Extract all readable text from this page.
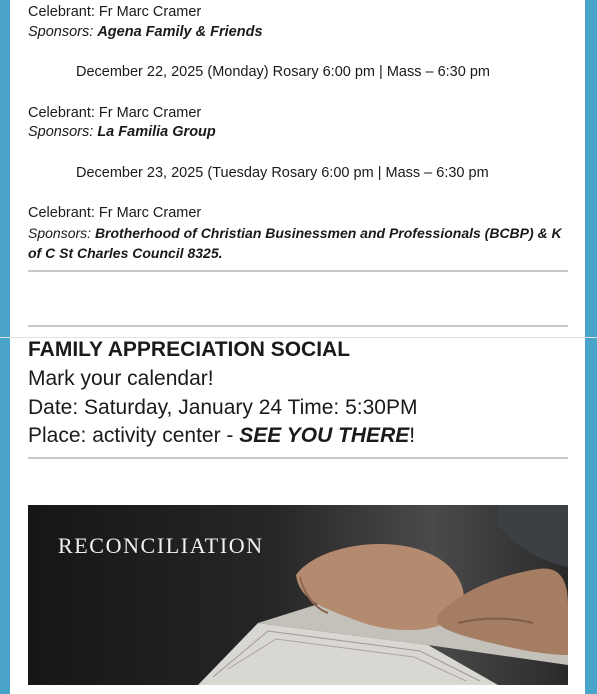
Celebrant: Fr Marc Cramer
Sponsors: Agena Family & Friends
December 22, 2025 (Monday) Rosary 6:00 pm | Mass – 6:30 pm
Celebrant: Fr Marc Cramer
Sponsors: La Familia Group
December 23, 2025 (Tuesday Rosary 6:00 pm | Mass – 6:30 pm
Celebrant: Fr Marc Cramer
Sponsors: Brotherhood of Christian Businessmen and Professionals (BCBP) & K of C St Charles Council 8325.
FAMILY APPRECIATION SOCIAL
Mark your calendar!
Date: Saturday, January 24 Time: 5:30PM
Place: activity center - SEE YOU THERE!
RECONCILIATION
